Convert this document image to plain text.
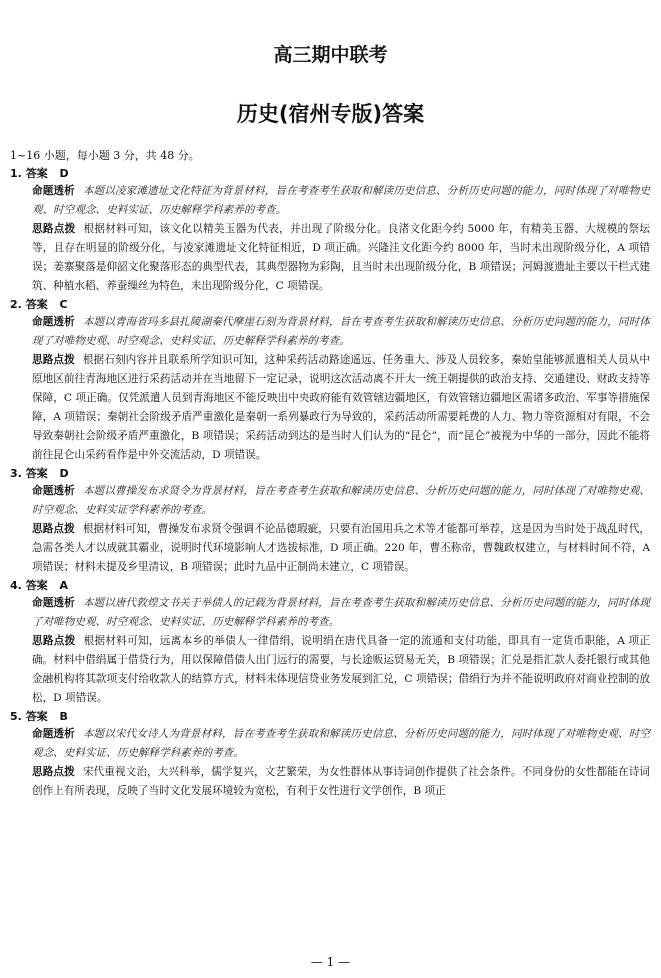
高三期中联考
历史(宿州专版)答案
1~16 小题，每小题 3 分，共 48 分。
1. 答案 D
命题透析 本题以凌家滩遗址文化特征为背景材料，旨在考查考生获取和解读历史信息、分析历史问题的能力，同时体现了对唯物史观、时空观念、史料实证、历史解释学科素养的考查。
思路点拨 根据材料可知，该文化以精美玉器为代表，并出现了阶级分化。良渚文化距今约 5000 年，有精美玉器、大规模的祭坛等，且存在明显的阶级分化，与凌家滩遗址文化特征相近，D 项正确。兴隆洼文化距今约 8000 年，当时未出现阶级分化，A 项错误；姜寨聚落是仰韶文化聚落形态的典型代表，其典型器物为彩陶，且当时未出现阶级分化，B 项错误；河姆渡遗址主要以干栏式建筑、种植水稻、养蚕缫丝为特色，未出现阶级分化，C 项错误。
2. 答案 C
命题透析 本题以青海省玛多县扎陵湖秦代摩崖石刻为背景材料，旨在考查考生获取和解读历史信息、分析历史问题的能力，同时体现了对唯物史观、时空观念、史料实证、历史解释学科素养的考查。
思路点拨 根据石刻内容并且联系所学知识可知，这种采药活动路途遥远、任务重大、涉及人员较多，秦始皇能够派遣相关人员从中原地区前往青海地区进行采药活动并在当地留下一定记录，说明这次活动离不开大一统王朝提供的政治支持、交通建设、财政支持等保障，C 项正确。仅凭派遣人员到青海地区不能反映出中央政府能有效管辖边疆地区，有效管辖边疆地区需诸多政治、军事等措施保障，A 项错误；秦朝社会阶级矛盾严重激化是秦朝一系列暴政行为导致的，采药活动所需要耗费的人力、物力等资源相对有限，不会导致秦朝社会阶级矛盾严重激化，B 项错误；采药活动到达的是当时人们认为的“昆仑”，而“昆仑”被视为中华的一部分，因此不能将前往昆仑山采药看作是中外交流活动，D 项错误。
3. 答案 D
命题透析 本题以曹操发布求贤令为背景材料，旨在考查考生获取和解读历史信息、分析历史问题的能力，同时体现了对唯物史观、时空观念、史料实证学科素养的考查。
思路点拨 根据材料可知，曹操发布求贤令强调不论品德瑕疵，只要有治国用兵之术等才能都可举荐，这是因为当时处于战乱时代，急需各类人才以成就其霸业，说明时代环境影响人才选拔标准，D 项正确。220 年，曹丕称帝，曹魏政权建立，与材料时间不符，A 项错误；材料未提及乡里清议，B 项错误；此时九品中正制尚未建立，C 项错误。
4. 答案 A
命题透析 本题以唐代敦煌文书关于举债人的记载为背景材料，旨在考查考生获取和解读历史信息、分析历史问题的能力，同时体现了对唯物史观、时空观念、史料实证、历史解释学科素养的考查。
思路点拨 根据材料可知，远离本乡的举债人一律借绢，说明绢在唐代具备一定的流通和支付功能，即具有一定货币职能，A 项正确。材料中借绢属于借贷行为，用以保障借债人出门远行的需要，与长途贩运贸易无关，B 项错误；汇兑是指汇款人委托银行或其他金融机构将其款项支付给收款人的结算方式，材料未体现信贷业务发展到汇兑，C 项错误；借绢行为并不能说明政府对商业控制的放松，D 项错误。
5. 答案 B
命题透析 本题以宋代女诗人为背景材料，旨在考查考生获取和解读历史信息、分析历史问题的能力，同时体现了对唯物史观、时空观念、史料实证、历史解释学科素养的考查。
思路点拨 宋代重视文治，大兴科举，儒学复兴，文艺繁荣，为女性群体从事诗词创作提供了社会条件。不同身份的女性都能在诗词创作上有所表现，反映了当时文化发展环境较为宽松，有利于女性进行文学创作，B 项正
— 1 —
